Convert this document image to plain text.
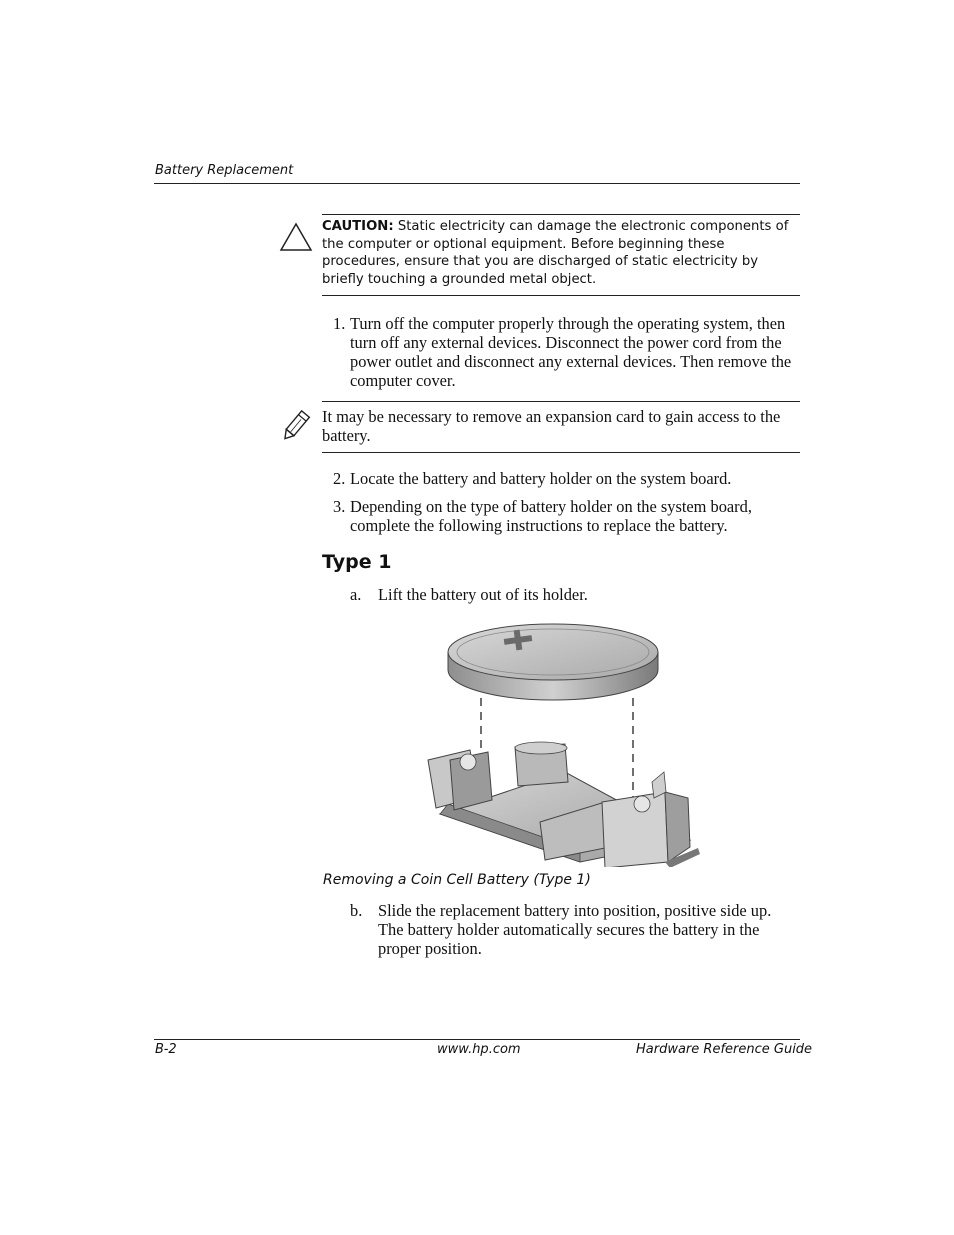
Battery Replacement
CAUTION: Static electricity can damage the electronic components of the computer or optional equipment. Before beginning these procedures, ensure that you are discharged of static electricity by briefly touching a grounded metal object.
1. Turn off the computer properly through the operating system, then turn off any external devices. Disconnect the power cord from the power outlet and disconnect any external devices. Then remove the computer cover.
It may be necessary to remove an expansion card to gain access to the battery.
2. Locate the battery and battery holder on the system board.
3. Depending on the type of battery holder on the system board, complete the following instructions to replace the battery.
Type 1
a. Lift the battery out of its holder.
Removing a Coin Cell Battery (Type 1)
b. Slide the replacement battery into position, positive side up. The battery holder automatically secures the battery in the proper position.
B-2	www.hp.com	Hardware Reference Guide
